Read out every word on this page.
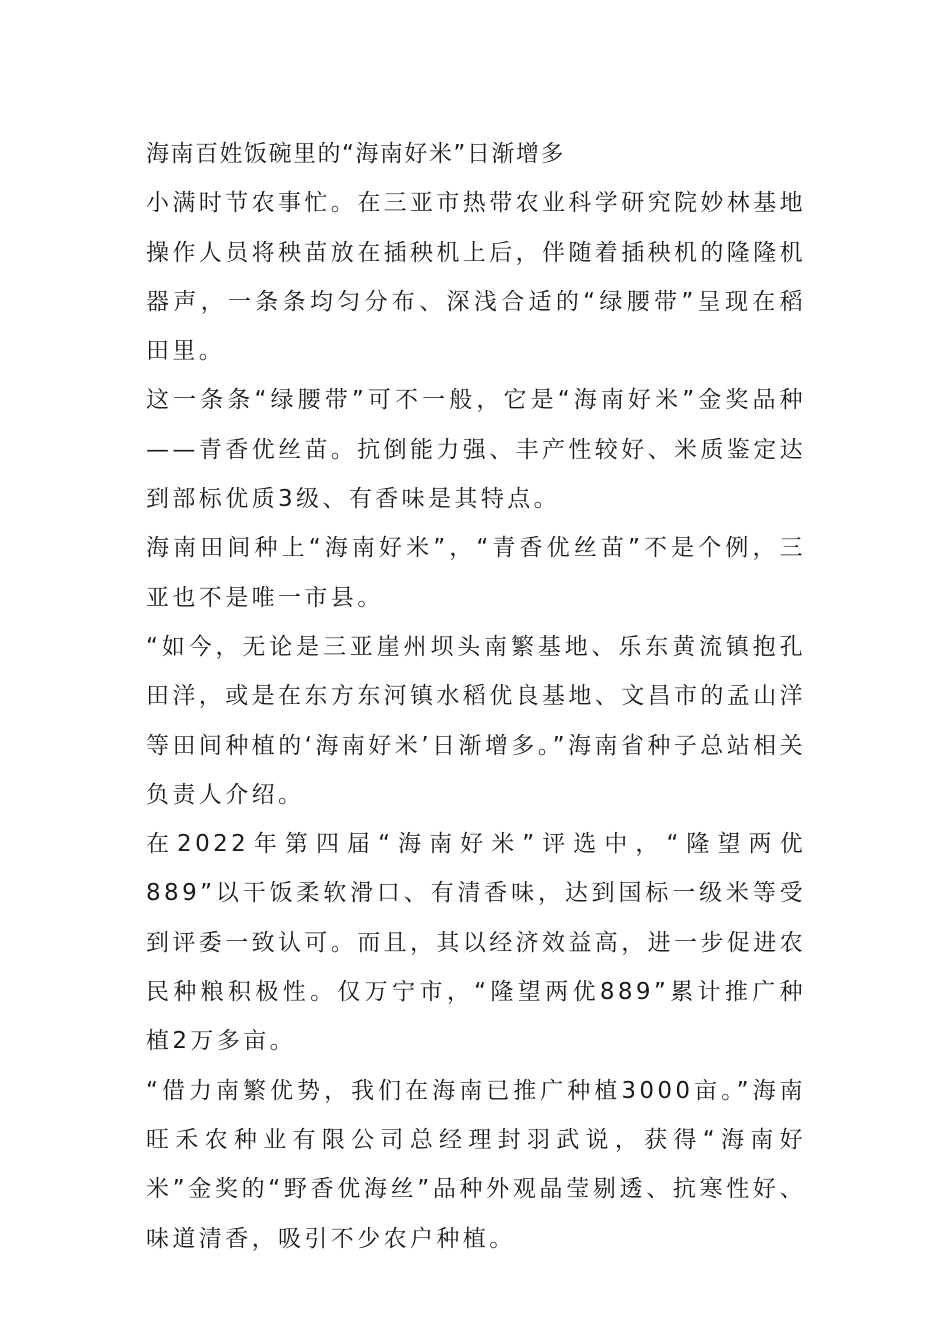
海南百姓饭碗里的“海南好米”日渐增多

小满时节农事忙。在三亚市热带农业科学研究院妙林基地操作人员将秧苗放在插秧机上后，伴随着插秧机的隆隆机器声，一条条均匀分布、深浅合适的“绿腰带”呈现在稻田里。

这一条条“绿腰带”可不一般，它是“海南好米”金奖品种——青香优丝苗。抗倒能力强、丰产性较好、米质鉴定达到部标优质3级、有香味是其特点。

海南田间种上“海南好米”，“青香优丝苗”不是个例，三亚也不是唯一市县。

“如今，无论是三亚崖州坝头南繁基地、乐东黄流镇抱孔田洋，或是在东方东河镇水稻优良基地、文昌市的孟山洋等田间种植的‘海南好米’日渐增多。”海南省种子总站相关负责人介绍。

在2022年第四届“海南好米”评选中，“隆望两优889”以干饭柔软滑口、有清香味，达到国标一级米等受到评委一致认可。而且，其以经济效益高，进一步促进农民种粮积极性。仅万宁市，“隆望两优889”累计推广种植2万多亩。

“借力南繁优势，我们在海南已推广种植3000亩。”海南旺禾农种业有限公司总经理封羽武说，获得“海南好米”金奖的“野香优海丝”品种外观晶莹剔透、抗寒性好、味道清香，吸引不少农户种植。
